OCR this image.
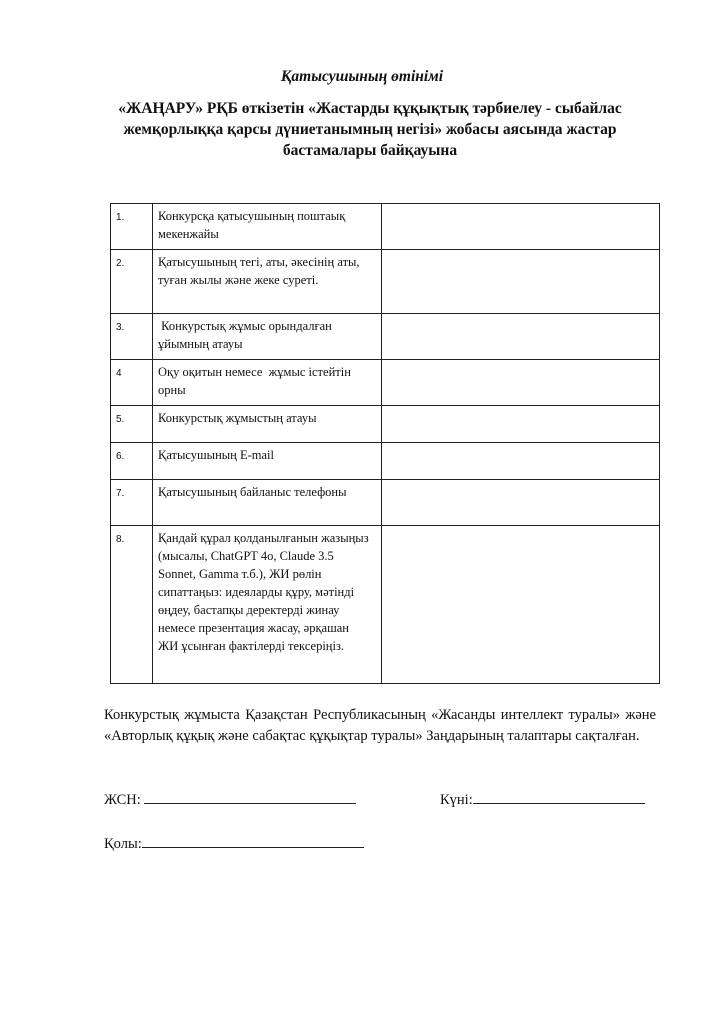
Қатысушының өтінімі

«ЖАҢАРУ» РҚБ өткізетін «Жастарды құқықтық тәрбиелеу - сыбайлас жемқорлыққа қарсы дүниетанымның негізі» жобасы аясында жастар бастамалары байқауына

1.	Конкурсқа қатысушының поштаық мекенжайы	
2.	Қатысушының тегі, аты, әкесінің аты, туған жылы және жеке суреті.	
3.	Конкурстық жұмыс орындалған ұйымның атауы	
4	Оқу оқитын немесе  жұмыс істейтін орны	
5.	Конкурстық жұмыстың атауы	
6.	Қатысушының E-mail	
7.	Қатысушының байланыс телефоны	
8.	Қандай құрал қолданылғанын жазыңыз (мысалы, ChatGPT 4o, Claude 3.5 Sonnet, Gamma т.б.), ЖИ рөлін сипаттаңыз: идеяларды құру, мәтінді өңдеу, бастапқы деректерді жинау немесе презентация жасау, әрқашан ЖИ ұсынған фактілерді тексеріңіз.	

Конкурстық жұмыста Қазақстан Республикасының «Жасанды интеллект туралы» және «Авторлық құқық және сабақтас құқықтар туралы» Заңдарының талаптары сақталған.

ЖСН:	Күні:
Қолы:
